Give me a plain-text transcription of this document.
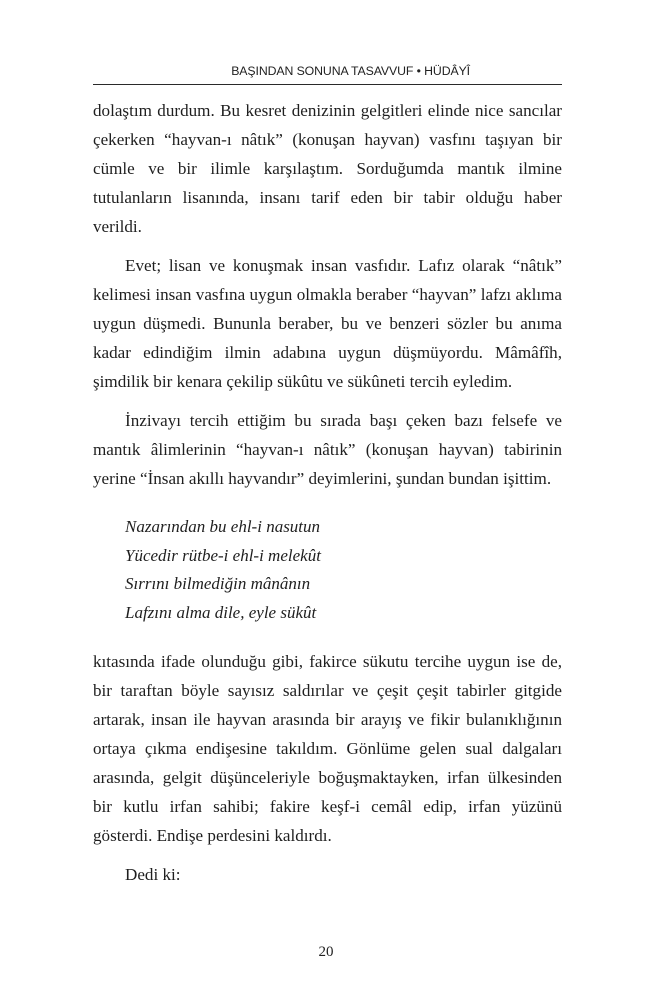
BAŞINDAN SONUNA TASAVVUF • HÜDÂYÎ

dolaştım durdum. Bu kesret denizinin gelgitleri elinde nice sancılar çekerken “hayvan-ı nâtık” (konuşan hayvan) vasfını taşıyan bir cümle ve bir ilimle karşılaştım. Sorduğumda mantık ilmine tutulanların lisanında, insanı tarif eden bir tabir olduğu haber verildi.

Evet; lisan ve konuşmak insan vasfıdır. Lafız olarak “nâtık” kelimesi insan vasfına uygun olmakla beraber “hayvan” lafzı aklıma uygun düşmedi. Bununla beraber, bu ve benzeri sözler bu anıma kadar edindiğim ilmin adabına uygun düşmüyordu. Mâmâfîh, şimdilik bir kenara çekilip sükûtu ve sükûneti tercih eyledim.

İnzivayı tercih ettiğim bu sırada başı çeken bazı felsefe ve mantık âlimlerinin “hayvan-ı nâtık” (konuşan hayvan) tabirinin yerine “İnsan akıllı hayvandır” deyimlerini, şundan bundan işittim.

Nazarından bu ehl-i nasutun
Yücedir rütbe-i ehl-i melekût
Sırrını bilmediğin mânânın
Lafzını alma dile, eyle sükût

kıtasında ifade olunduğu gibi, fakirce sükutu tercihe uygun ise de, bir taraftan böyle sayısız saldırılar ve çeşit çeşit tabirler gitgide artarak, insan ile hayvan arasında bir arayış ve fikir bulanıklığının ortaya çıkma endişesine takıldım. Gönlüme gelen sual dalgaları arasında, gelgit düşünceleriyle boğuşmaktayken, irfan ülkesinden bir kutlu irfan sahibi; fakire keşf-i cemâl edip, irfan yüzünü gösterdi. Endişe perdesini kaldırdı.

Dedi ki:

20
